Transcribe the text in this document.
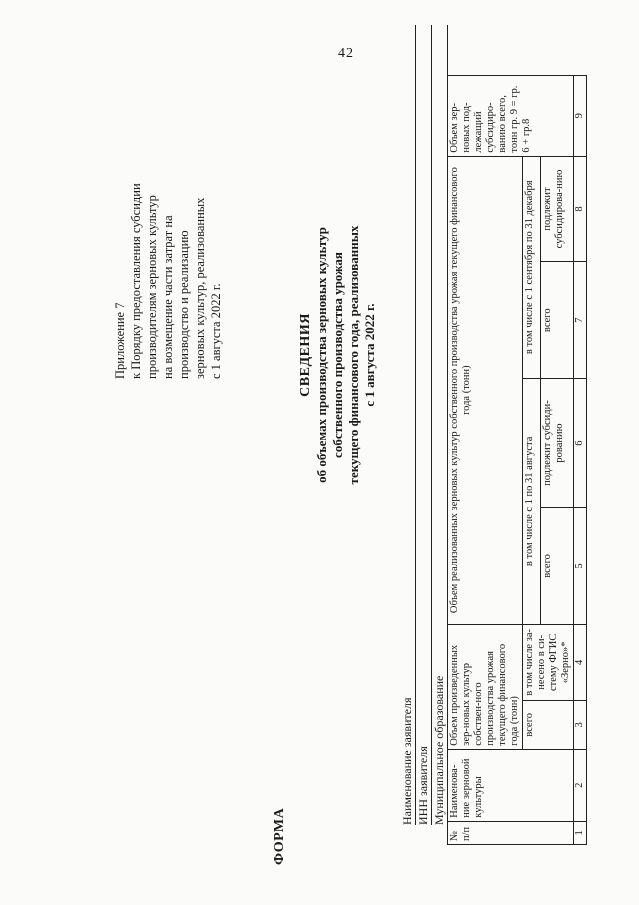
42
ФОРМА
Приложение 7 к Порядку предоставления субсидии производителям зерновых культур на возмещение части затрат на производство и реализацию зерновых культур, реализованных с 1 августа 2022 г.	СВЕДЕНИЯ об объемах производства зерновых культур собственного производства урожая текущего финансового года, реализованных с 1 августа 2022 г.
Наименование заявителя ИНН заявителя Муниципальное образование
№ п/п	Наименова-ние зерновой культуры	Объем произведенных зер-новых культур собствен-ного производства урожая текущего финансового года (тонн)		Объем реализованных зерновых культур собственного производства урожая текущего финансового года (тонн)				Объем зер-новых под-лежащий субсидиро-ванию всего, тонн гр. 9 = гр. 6 + гр.8
		всего	в том числе за-несено в си-стему ФГИС «Зерно»*	в том числе с 1 по 31 августа		в том числе с 1 сентября по 31 декабря		
				всего	подлежит субсиди-рованию	всего	подлежит субсидирова-нию	
1	2	3	4	5	6	7	8	9
